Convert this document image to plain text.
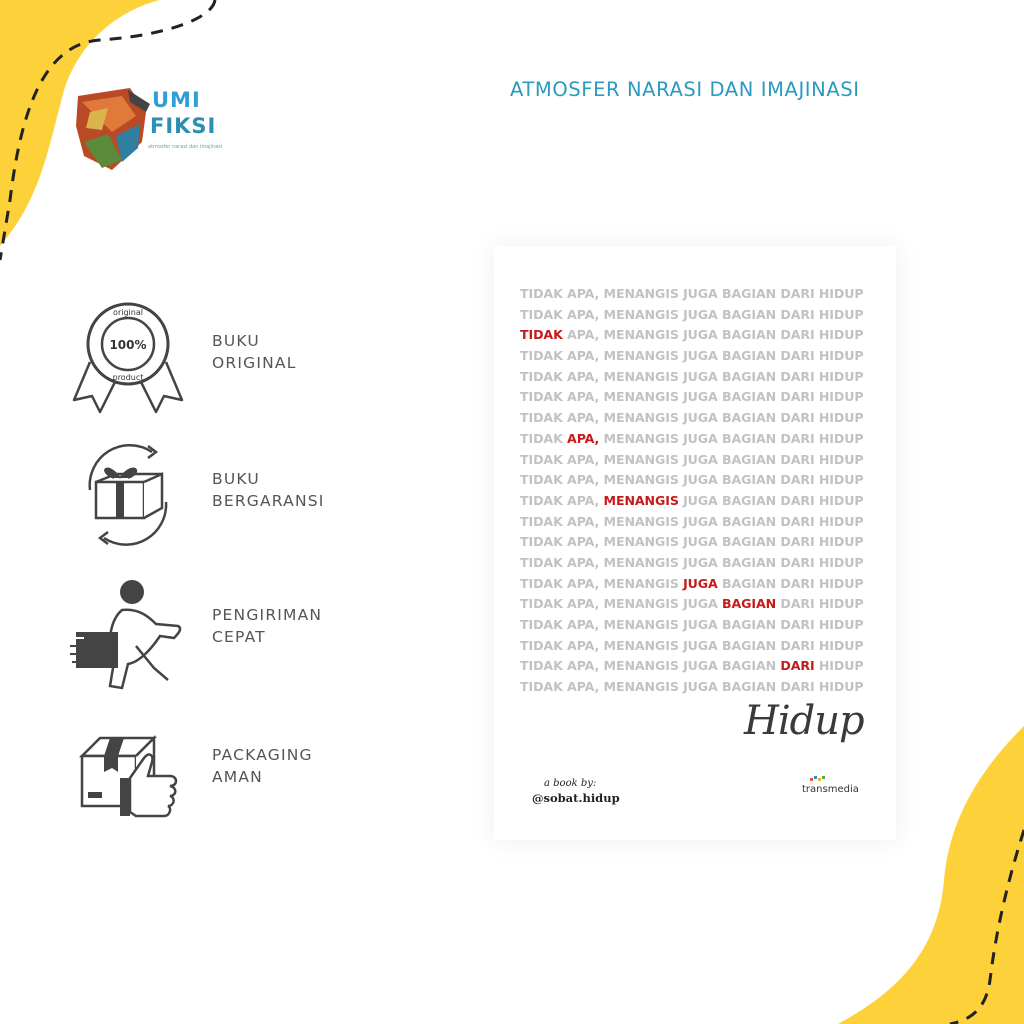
UMI
FIKSI
atmosfer narasi dan imajinasi
ATMOSFER NARASI DAN IMAJINASI
100%
original
product
BUKU
ORIGINAL
BUKU
BERGARANSI
PENGIRIMAN
CEPAT
PACKAGING
AMAN
TIDAK APA, MENANGIS JUGA BAGIAN DARI HIDUP
TIDAK APA, MENANGIS JUGA BAGIAN DARI HIDUP
TIDAK APA, MENANGIS JUGA BAGIAN DARI HIDUP
TIDAK APA, MENANGIS JUGA BAGIAN DARI HIDUP
TIDAK APA, MENANGIS JUGA BAGIAN DARI HIDUP
TIDAK APA, MENANGIS JUGA BAGIAN DARI HIDUP
TIDAK APA, MENANGIS JUGA BAGIAN DARI HIDUP
TIDAK APA, MENANGIS JUGA BAGIAN DARI HIDUP
TIDAK APA, MENANGIS JUGA BAGIAN DARI HIDUP
TIDAK APA, MENANGIS JUGA BAGIAN DARI HIDUP
TIDAK APA, MENANGIS JUGA BAGIAN DARI HIDUP
TIDAK APA, MENANGIS JUGA BAGIAN DARI HIDUP
TIDAK APA, MENANGIS JUGA BAGIAN DARI HIDUP
TIDAK APA, MENANGIS JUGA BAGIAN DARI HIDUP
TIDAK APA, MENANGIS JUGA BAGIAN DARI HIDUP
TIDAK APA, MENANGIS JUGA BAGIAN DARI HIDUP
TIDAK APA, MENANGIS JUGA BAGIAN DARI HIDUP
TIDAK APA, MENANGIS JUGA BAGIAN DARI HIDUP
TIDAK APA, MENANGIS JUGA BAGIAN DARI HIDUP
TIDAK APA, MENANGIS JUGA BAGIAN DARI HIDUP
Hidup
a book by:
@sobat.hidup
transmedia
